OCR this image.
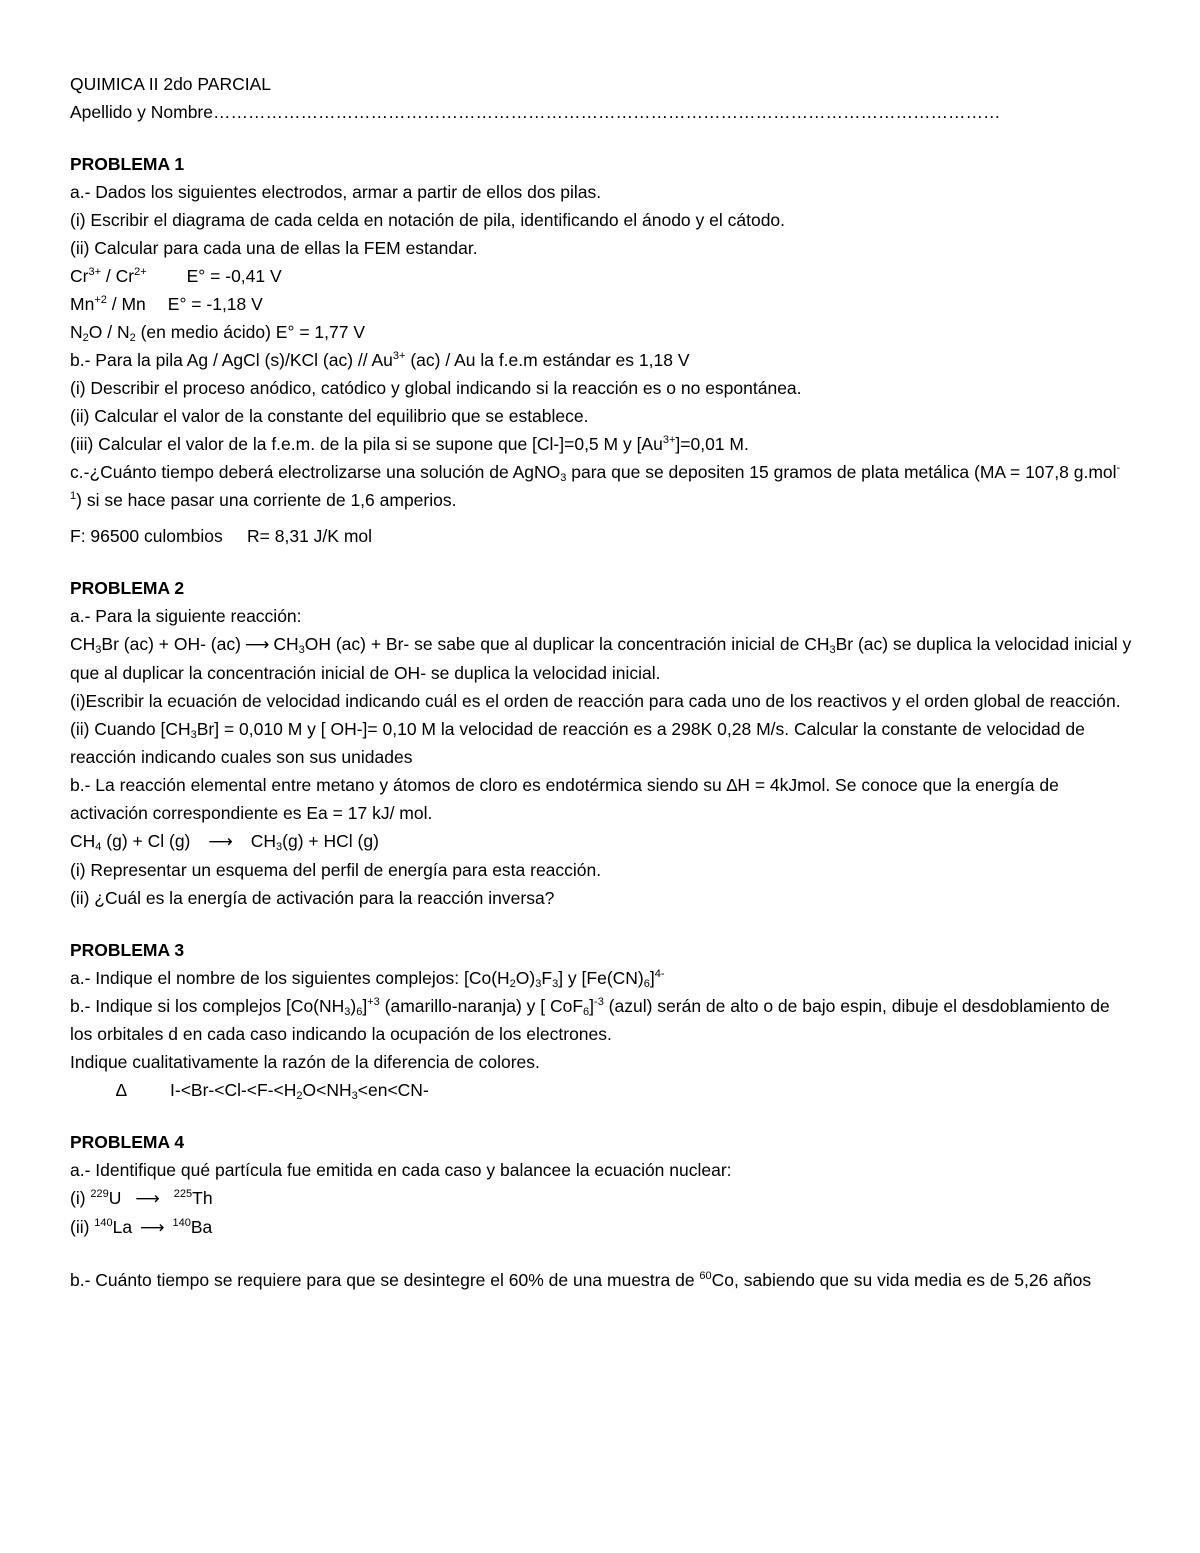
QUIMICA II 2do PARCIAL
Apellido y Nombre………………………………………………………………………………………………………………………
PROBLEMA 1
a.- Dados los siguientes electrodos, armar a partir de ellos dos pilas.
(i) Escribir el diagrama de cada celda en notación de pila, identificando el ánodo y el cátodo.
(ii) Calcular para cada una de ellas la FEM estandar.
$Cr^{3+} / Cr^{2+}$ E° = -0,41 V
$Mn^{+2}$ / Mn E° = -1,18 V
$N_2O / N_2$ (en medio ácido) E° = 1,77 V
b.- Para la pila Ag / AgCl (s)/KCl $(ac) // Au^{3+}$ (ac) / Au la f.e.m estándar es 1,18 V
(i) Describir el proceso anódico, catódico y global indicando si la reacción es o no espontánea.
(ii) Calcular el valor de la constante del equilibrio que se establece.
(iii) Calcular el valor de la f.e.m. de la pila si se supone que [Cl-]=0,5 M y $[Au^{3+}]=0,01$ M.
c.-¿Cuánto tiempo deberá electrolizarse una solución de AgNO$_3$ para que se depositen 15 gramos de plata metálica (MA = 107,8 g.mol$^{-1}$) si se hace pasar una corriente de 1,6 amperios.
F: 96500 culombios     R= 8,31 J/K mol
PROBLEMA 2
a.- Para la siguiente reacción:
$CH_3Br$ (ac) + OH- (ac) ⟶ $CH_3OH$ (ac) + Br- se sabe que al duplicar la concentración inicial de $CH_3Br$ (ac) se duplica la velocidad inicial y que al duplicar la concentración inicial de OH- se duplica la velocidad inicial.
(i)Escribir la ecuación de velocidad indicando cuál es el orden de reacción para cada uno de los reactivos y el orden global de reacción.
(ii) Cuando $[CH_3Br] = 0,010$ M y [ OH-]= 0,10 M la velocidad de reacción es a 298K 0,28 M/s. Calcular la constante de velocidad de reacción indicando cuales son sus unidades
b.- La reacción elemental entre metano y átomos de cloro es endotérmica siendo su ∆H = 4kJmol. Se conoce que la energía de activación correspondiente es Ea = 17 kJ/ mol.
$CH_4$ (g) + Cl (g) ⟶ $CH_3(g)$ + HCl (g)
(i) Representar un esquema del perfil de energía para esta reacción.
(ii) ¿Cuál es la energía de activación para la reacción inversa?
PROBLEMA 3
a.- Indique el nombre de los siguientes complejos: $[Co(H_2O)_3F_3]$ y $[Fe(CN)_6]^{4-}$
b.- Indique si los complejos $[Co(NH_3)_6]^{+3}$ (amarillo-naranja) y [ CoF$_6$]$^{-3}$ (azul) serán de alto o de bajo espin, dibuje el desdoblamiento de los orbitales d en cada caso indicando la ocupación de los electrones.
Indique cualitativamente la razón de la diferencia de colores.
∆ $I-<Br-<Cl-<F-<H_2O<NH_3<en<CN-$
PROBLEMA 4
a.- Identifique qué partícula fue emitida en cada caso y balancee la ecuación nuclear:
(i) $^{229}$U ⟶ $^{225}$Th
(ii) $^{140}$La ⟶ $^{140}$Ba
b.- Cuánto tiempo se requiere para que se desintegre el 60% de una muestra de $^{60}$Co, sabiendo que su vida media es de 5,26 años
